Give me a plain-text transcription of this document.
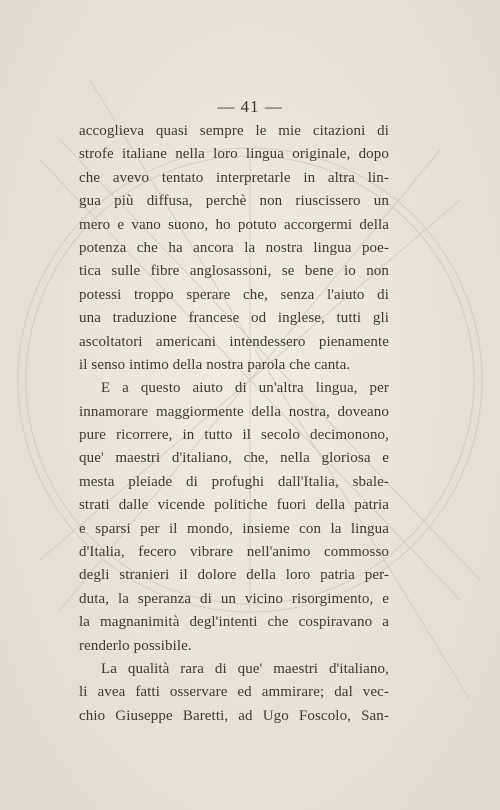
— 41 —
accoglieva quasi sempre le mie citazioni di
strofe italiane nella loro lingua originale, dopo
che avevo tentato interpretarle in altra lin-
gua più diffusa, perchè non riuscissero un
mero e vano suono, ho potuto accorgermi della
potenza che ha ancora la nostra lingua poe-
tica sulle fibre anglosassoni, se bene io non
potessi troppo sperare che, senza l'aiuto di
una traduzione francese od inglese, tutti gli
ascoltatori americani intendessero pienamente
il senso intimo della nostra parola che canta.
E a questo aiuto di un'altra lingua, per
innamorare maggiormente della nostra, doveano
pure ricorrere, in tutto il secolo decimonono,
que' maestri d'italiano, che, nella gloriosa e
mesta pleiade di profughi dall'Italia, sbale-
strati dalle vicende politiche fuori della patria
e sparsi per il mondo, insieme con la lingua
d'Italia, fecero vibrare nell'animo commosso
degli stranieri il dolore della loro patria per-
duta, la speranza di un vicino risorgimento, e
la magnanimità degl'intenti che cospiravano a
renderlo possibile.
La qualità rara di que' maestri d'italiano,
li avea fatti osservare ed ammirare; dal vec-
chio Giuseppe Baretti, ad Ugo Foscolo, San-
